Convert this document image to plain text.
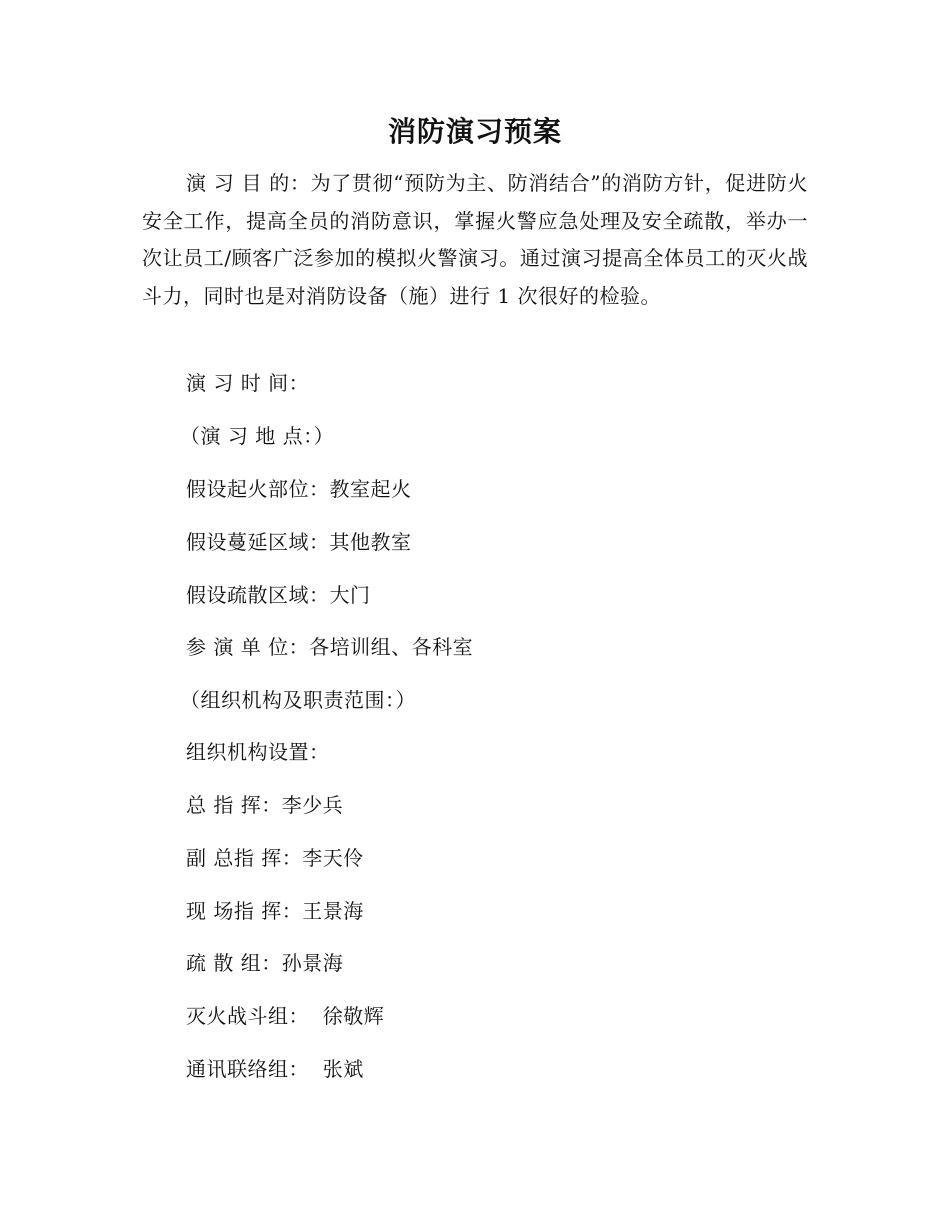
消防演习预案
演 习 目 的：为了贯彻“预防为主、防消结合”的消防方针，促进防火安全工作，提高全员的消防意识，掌握火警应急处理及安全疏散，举办一次让员工/顾客广泛参加的模拟火警演习。通过演习提高全体员工的灭火战斗力，同时也是对消防设备（施）进行 1 次很好的检验。
演 习 时 间：
（演 习 地 点：）
假设起火部位：教室起火
假设蔓延区域：其他教室
假设疏散区域：大门
参 演 单 位：各培训组、各科室
（组织机构及职责范围：）
组织机构设置：
总 指 挥：李少兵
副 总指 挥：李天伶
现 场指 挥：王景海
疏 散 组：孙景海
灭火战斗组：  徐敬辉
通讯联络组：  张斌
